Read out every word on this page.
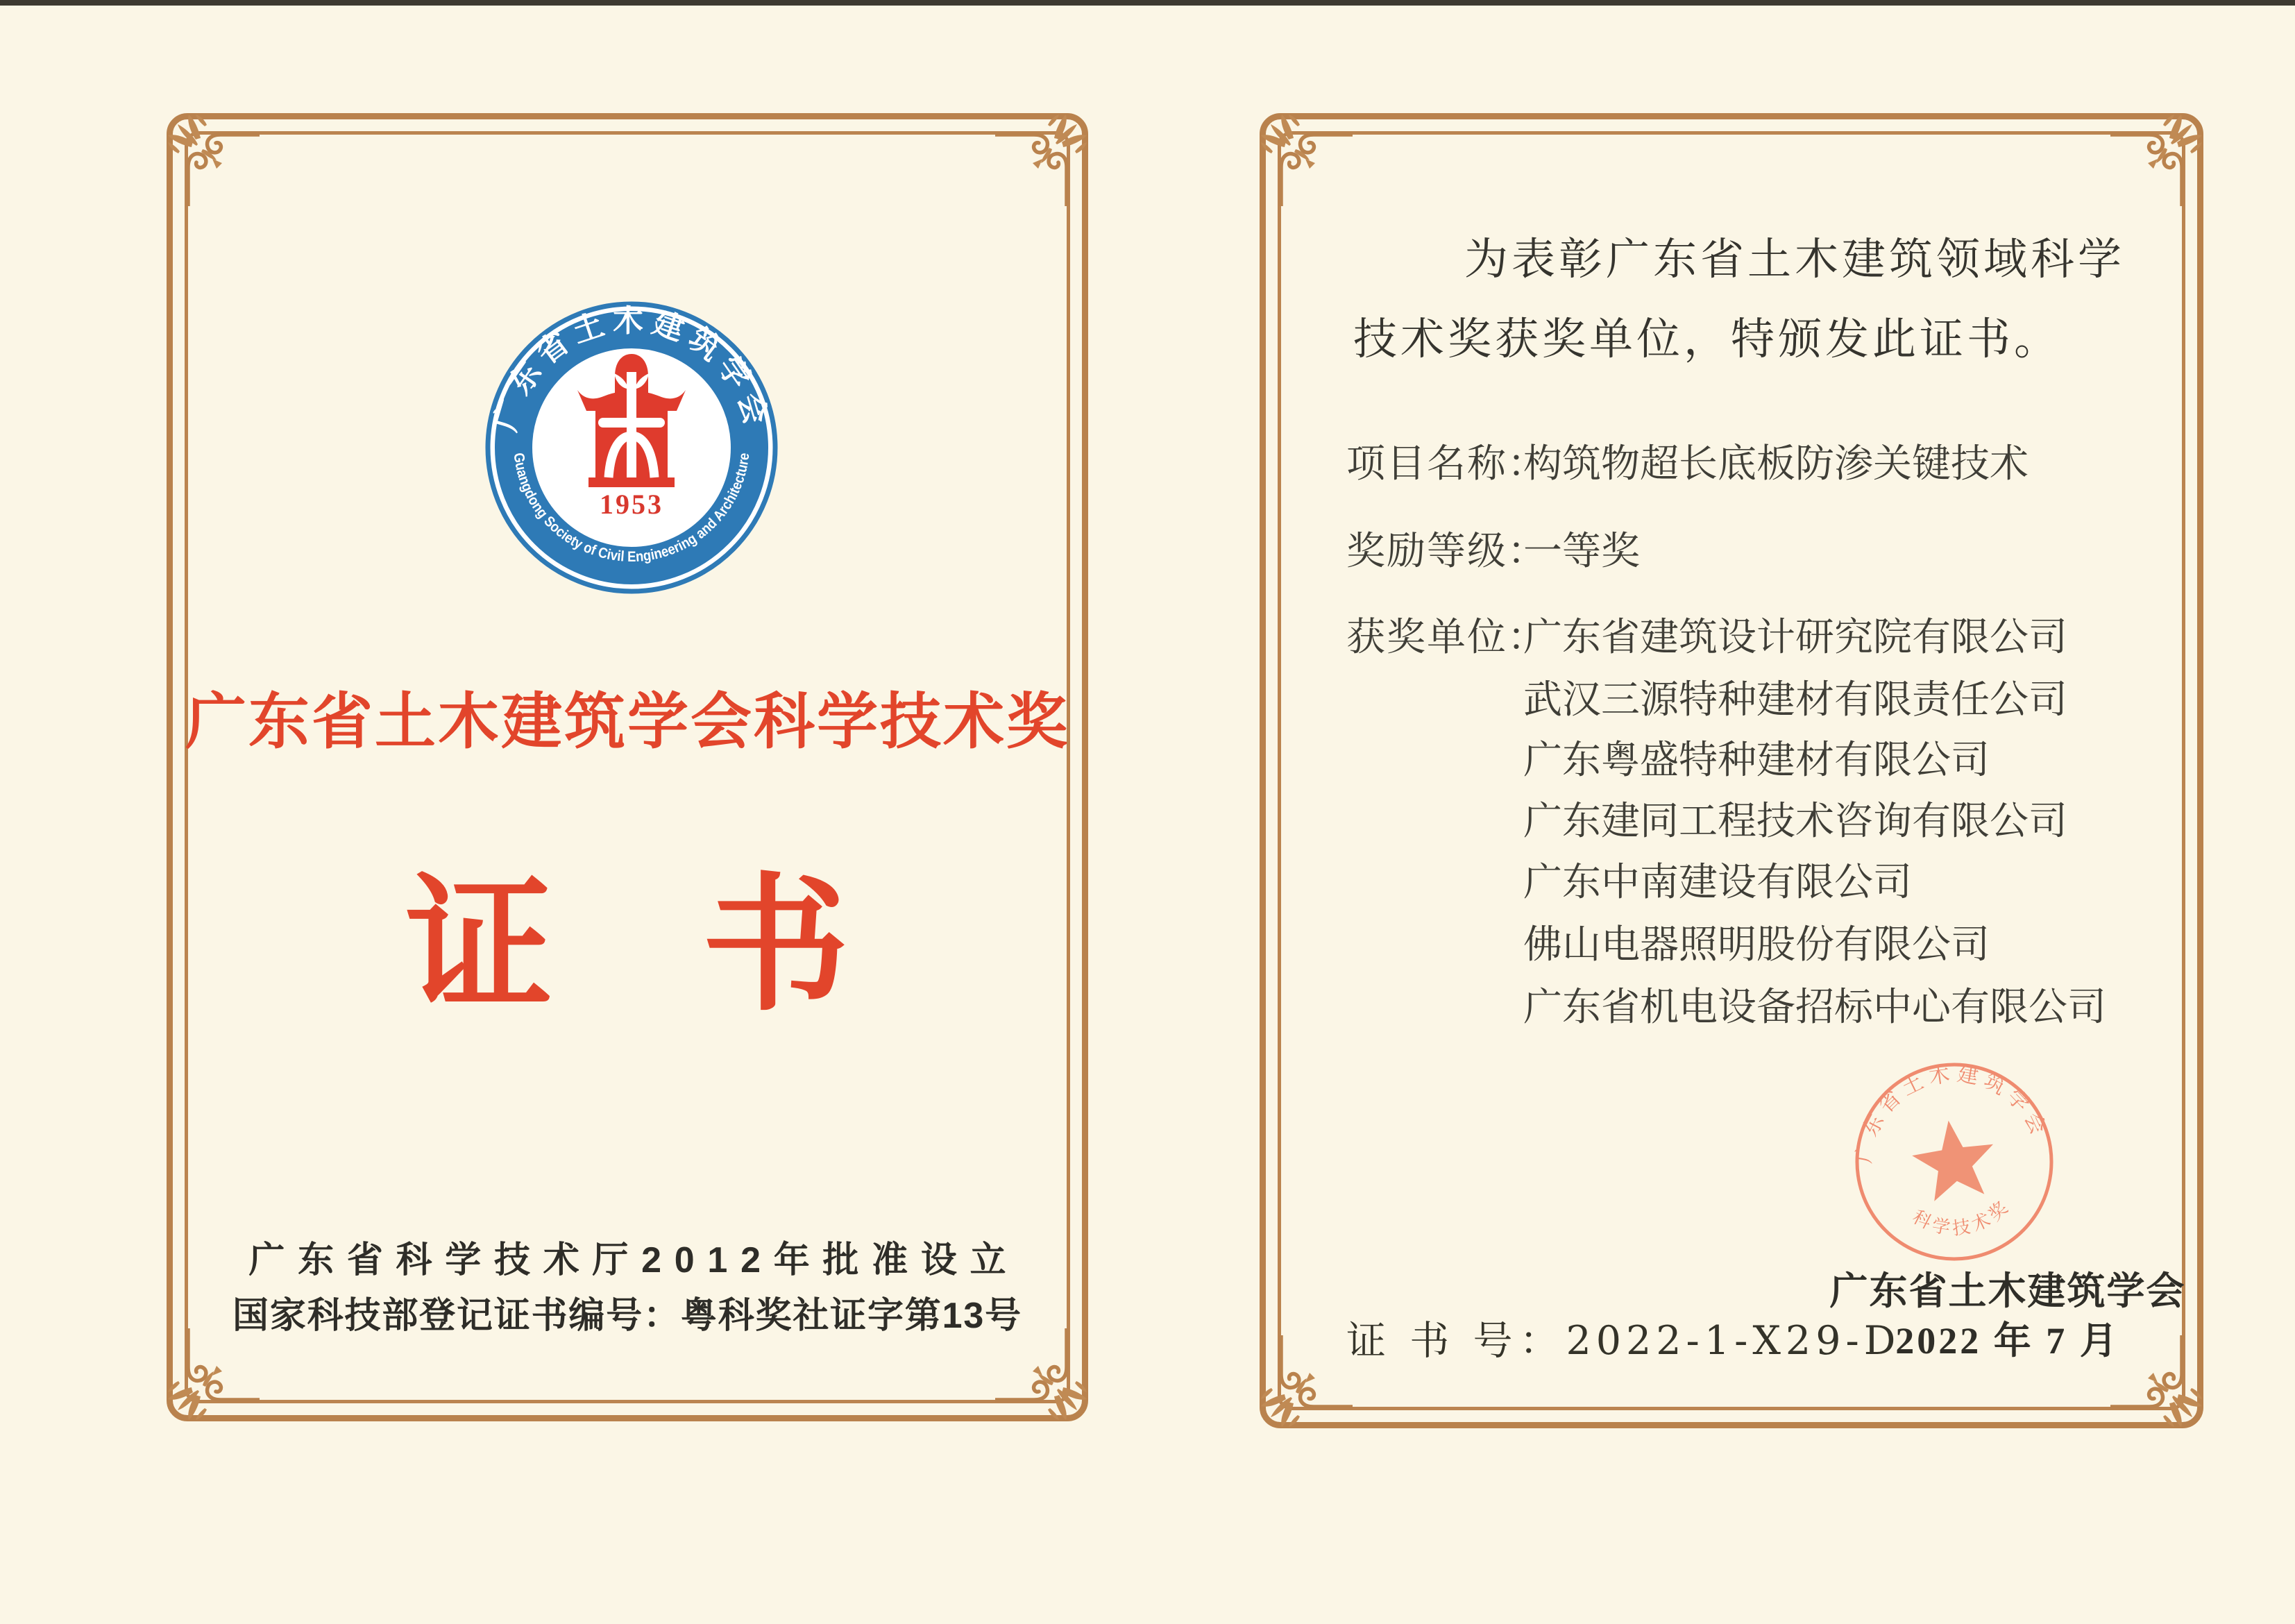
广东省土木建筑学会
Guangdong Society of Civil Engineering and Architecture
1953
广东省土木建筑学会科学技术奖
证 书
广东省科学技术厅2012年批准设立
国家科技部登记证书编号：粤科奖社证字第13号
为表彰广东省土木建筑领域科学
技术奖获奖单位，特颁发此证书。
项目名称：构筑物超长底板防渗关键技术
奖励等级：一等奖
获奖单位：广东省建筑设计研究院有限公司
武汉三源特种建材有限责任公司
广东粤盛特种建材有限公司
广东建同工程技术咨询有限公司
广东中南建设有限公司
佛山电器照明股份有限公司
广东省机电设备招标中心有限公司
证 书 号：2022-1-X29-D
广东省土木建筑学会
科学技术奖
广东省土木建筑学会
2022 年 7 月
